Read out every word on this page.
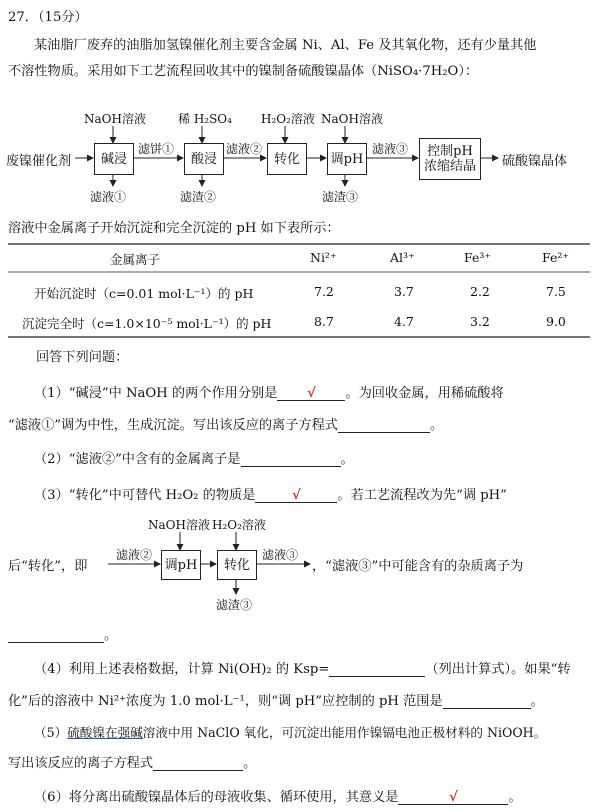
27．（15分）
某油脂厂废弃的油脂加氢镍催化剂主要含金属 Ni、Al、Fe 及其氧化物，还有少量其他
不溶性物质。采用如下工艺流程回收其中的镍制备硫酸镍晶体（NiSO₄·7H₂O）：
废镍催化剂	碱浸	酸浸	转化	调pH	控制pH
浓缩结晶 硫酸镍晶体
NaOH溶液	稀 H₂SO₄ H₂O₂溶液 NaOH溶液
滤饼①	滤液②	滤液③
滤液①	滤渣②	滤渣③
溶液中金属离子开始沉淀和完全沉淀的 pH 如下表所示：
金属离子	Ni²⁺	Al³⁺	Fe³⁺	Fe²⁺
开始沉淀时（c=0.01 mol·L⁻¹）的 pH	7.2	3.7	2.2	7.5
沉淀完全时（c=1.0×10⁻⁵ mol·L⁻¹）的 pH	8.7	4.7	3.2	9.0
回答下列问题：
（1）“碱浸”中 NaOH 的两个作用分别是 √ 。为回收金属，用稀硫酸将
“滤液①”调为中性，生成沉淀。写出该反应的离子方程式	。
（2）“滤液②”中含有的金属离子是	。
（3）“转化”中可替代 H₂O₂ 的物质是	√	。若工艺流程改为先“调 pH”
后“转化”，即
滤液②
调pH	转化
NaOH溶液 H₂O₂溶液
滤液③
滤渣③
，“滤液③”中可能含有的杂质离子为
。
（4）利用上述表格数据，计算 Ni(OH)₂ 的 Ksp=	（列出计算式）。如果“转
化”后的溶液中 Ni²⁺浓度为 1.0 mol·L⁻¹，则“调 pH”应控制的 pH 范围是	。
（5）硫酸镍在强碱溶液中用 NaClO 氧化，可沉淀出能用作镍镉电池正极材料的 NiOOH。
写出该反应的离子方程式	。
（6）将分离出硫酸镍晶体后的母液收集、循环使用，其意义是	√	。
